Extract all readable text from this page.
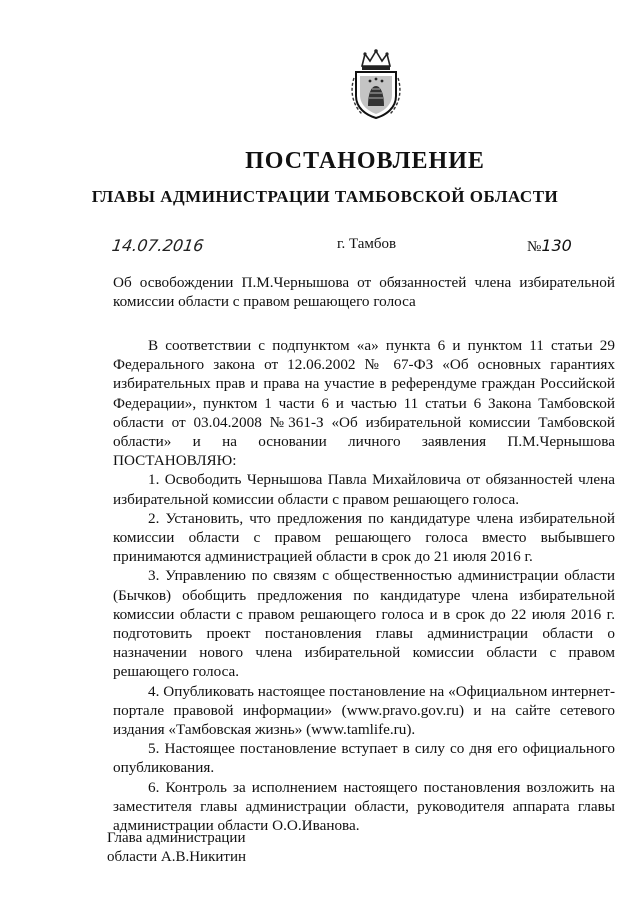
ПОСТАНОВЛЕНИЕ
ГЛАВЫ АДМИНИСТРАЦИИ ТАМБОВСКОЙ ОБЛАСТИ
14.07.2016	г. Тамбов	№130
Об освобождении П.М.Чернышова от обязанностей члена избирательной комиссии области с правом решающего голоса

В соответствии с подпунктом «а» пункта 6 и пунктом 11 статьи 29 Федерального закона от 12.06.2002 № 67-ФЗ «Об основных гарантиях избирательных прав и права на участие в референдуме граждан Российской Федерации», пунктом 1 части 6 и частью 11 статьи 6 Закона Тамбовской области от 03.04.2008 №361-З «Об избирательной комиссии Тамбовской области» и на основании личного заявления П.М.Чернышова ПОСТАНОВЛЯЮ:

1. Освободить Чернышова Павла Михайловича от обязанностей члена избирательной комиссии области с правом решающего голоса.

2. Установить, что предложения по кандидатуре члена избирательной комиссии области с правом решающего голоса вместо выбывшего принимаются администрацией области в срок до 21 июля 2016 г.

3. Управлению по связям с общественностью администрации области (Бычков) обобщить предложения по кандидатуре члена избирательной комиссии области с правом решающего голоса и в срок до 22 июля 2016 г. подготовить проект постановления главы администрации области о назначении нового члена избирательной комиссии области с правом решающего голоса.

4. Опубликовать настоящее постановление на «Официальном интернет-портале правовой информации» (www.pravo.gov.ru) и на сайте сетевого издания «Тамбовская жизнь» (www.tamlife.ru).

5. Настоящее постановление вступает в силу со дня его официального опубликования.

6. Контроль за исполнением настоящего постановления возложить на заместителя главы администрации области, руководителя аппарата главы администрации области О.О.Иванова.

Глава администрации
области А.В.Никитин
